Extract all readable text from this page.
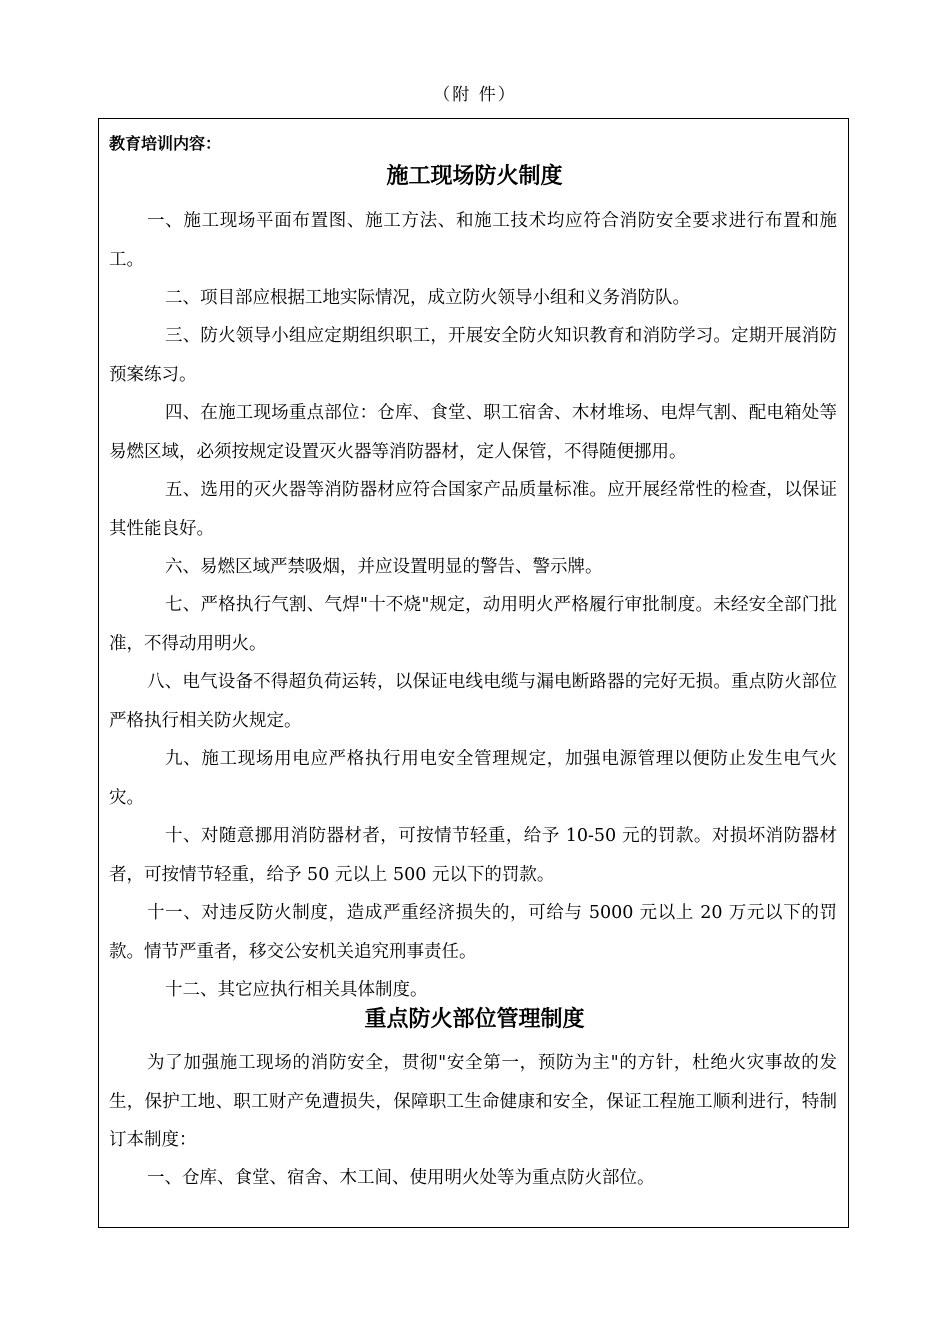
（附 件）
教育培训内容：
施工现场防火制度
一、施工现场平面布置图、施工方法、和施工技术均应符合消防安全要求进行布置和施工。
二、项目部应根据工地实际情况，成立防火领导小组和义务消防队。
三、防火领导小组应定期组织职工，开展安全防火知识教育和消防学习。定期开展消防预案练习。
四、在施工现场重点部位：仓库、食堂、职工宿舍、木材堆场、电焊气割、配电箱处等易燃区域，必须按规定设置灭火器等消防器材，定人保管，不得随便挪用。
五、选用的灭火器等消防器材应符合国家产品质量标准。应开展经常性的检查，以保证其性能良好。
六、易燃区域严禁吸烟，并应设置明显的警告、警示牌。
七、严格执行气割、气焊"十不烧"规定，动用明火严格履行审批制度。未经安全部门批准，不得动用明火。
八、电气设备不得超负荷运转，以保证电线电缆与漏电断路器的完好无损。重点防火部位严格执行相关防火规定。
九、施工现场用电应严格执行用电安全管理规定，加强电源管理以便防止发生电气火灾。
十、对随意挪用消防器材者，可按情节轻重，给予 10-50 元的罚款。对损坏消防器材者，可按情节轻重，给予 50 元以上 500 元以下的罚款。
十一、对违反防火制度，造成严重经济损失的，可给与 5000 元以上 20 万元以下的罚款。情节严重者，移交公安机关追究刑事责任。
十二、其它应执行相关具体制度。
重点防火部位管理制度
为了加强施工现场的消防安全，贯彻"安全第一，预防为主"的方针，杜绝火灾事故的发生，保护工地、职工财产免遭损失，保障职工生命健康和安全，保证工程施工顺利进行，特制订本制度：
一、仓库、食堂、宿舍、木工间、使用明火处等为重点防火部位。
